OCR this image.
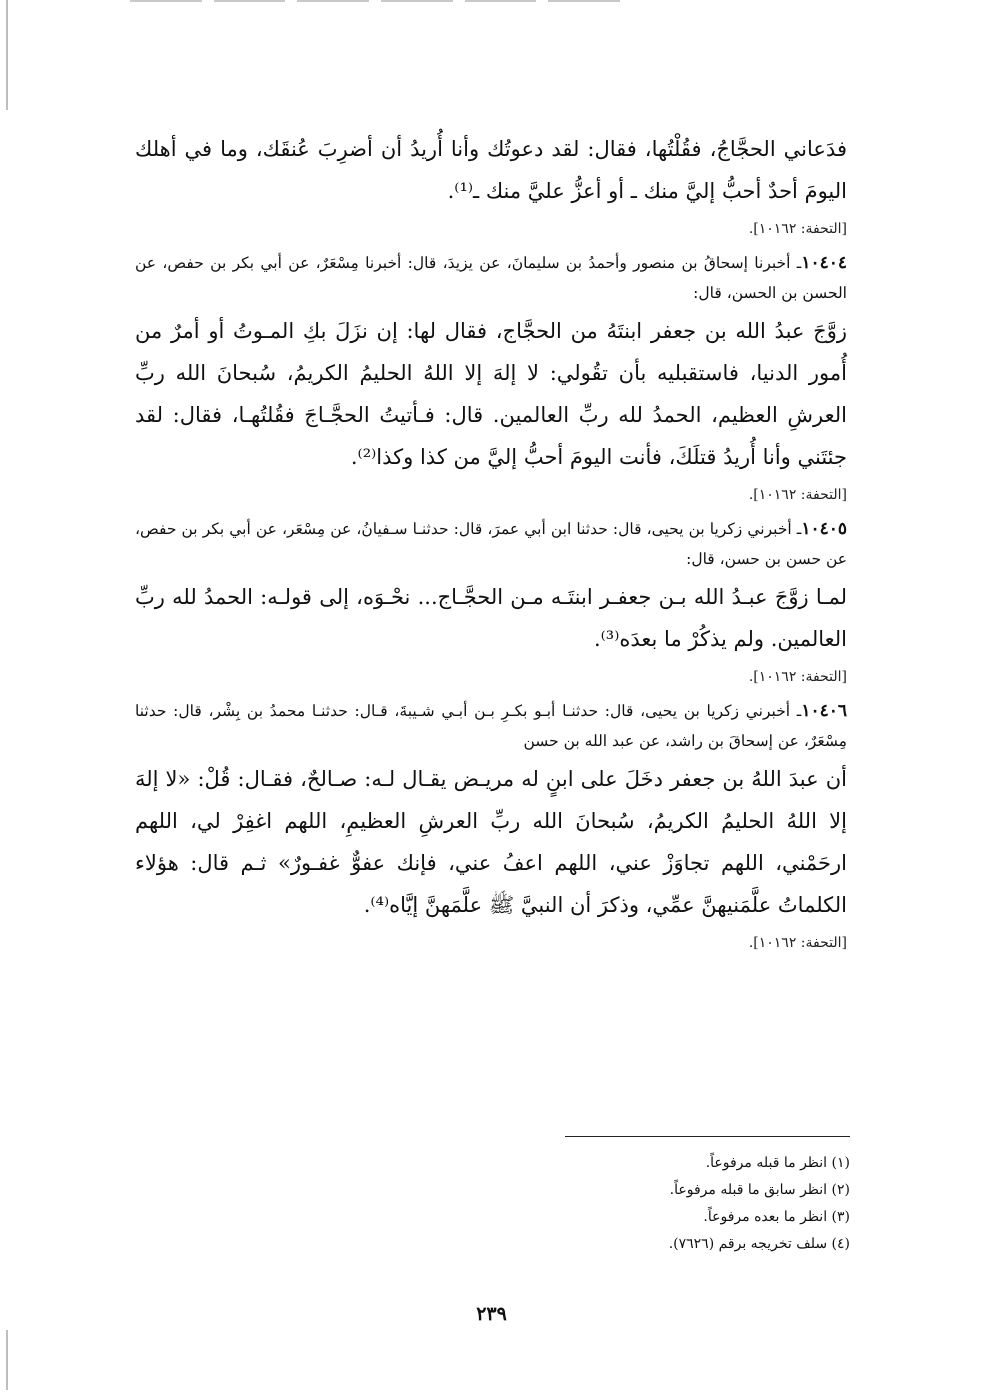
فدَعاني الحجَّاجُ، فقُلْتُها، فقال: لقد دعوتُك وأنا أُريدُ أن أضرِبَ عُنقَك، وما في أهلك اليومَ أحدٌ أحبُّ إليَّ منك ـ أو أعزُّ عليَّ منك ـ⁽¹⁾.

[التحفة: ١٠١٦٢].

١٠٤٠٤ـ أخبرنا إسحاقُ بن منصور وأحمدُ بن سليمانَ، عن يزيدَ، قال: أخبرنا مِسْعَرٌ، عن أبي بكر بن حفص، عن الحسن بن الحسن، قال:

زوَّجَ عبدُ الله بن جعفر ابنتَهُ من الحجَّاج، فقال لها: إن نزَلَ بكِ المـوتُ أو أمرٌ من أُمور الدنيا، فاستقبليه بأن تقُولي: لا إلهَ إلا اللهُ الحليمُ الكريمُ، سُبحانَ الله ربِّ العرشِ العظيم، الحمدُ لله ربِّ العالمين. قال: فـأتيتُ الحجَّـاجَ فقُلتُهـا، فقال: لقد جئتَني وأنا أُريدُ قتلَكَ، فأنت اليومَ أحبُّ إليَّ من كذا وكذا⁽²⁾.

[التحفة: ١٠١٦٢].

١٠٤٠٥ـ أخبرني زكريا بن يحيى، قال: حدثنا ابن أبي عمرَ، قال: حدثنـا سـفيانُ، عن مِسْعَر، عن أبي بكر بن حفص، عن حسن بن حسن، قال:

لمـا زوَّجَ عبـدُ الله بـن جعفـر ابنتَـه مـن الحجَّـاج... نحْـوَه، إلى قولـه: الحمدُ لله ربِّ العالمين. ولم يذكُرْ ما بعدَه⁽³⁾.

[التحفة: ١٠١٦٢].

١٠٤٠٦ـ أخبرني زكريا بن يحيى، قال: حدثنـا أبـو بكـرِ بـن أبـي شـيبةَ، قـال: حدثنـا محمدُ بن بِشْر، قال: حدثنا مِسْعَرٌ، عن إسحاقَ بن راشد، عن عبد الله بن حسن

أن عبدَ اللهُ بن جعفر دخَلَ على ابنٍ له مريـض يقـال لـه: صـالحٌ، فقـال: قُلْ: «لا إلهَ إلا اللهُ الحليمُ الكريمُ، سُبحانَ الله ربِّ العرشِ العظيمِ، اللهم اغفِرْ لي، اللهم ارحَمْني، اللهم تجاوَزْ عني، اللهم اعفُ عني، فإنك عفوٌّ غفـورٌ» ثـم قال: هؤلاء الكلماتُ علَّمَنيهنَّ عمِّي، وذكرَ أن النبيَّ ﷺ علَّمَهنَّ إيَّاه⁽⁴⁾.

[التحفة: ١٠١٦٢].

(١) انظر ما قبله مرفوعاً.

(٢) انظر سابق ما قبله مرفوعاً.

(٣) انظر ما بعده مرفوعاً.

(٤) سلف تخريجه برقم (٧٦٢٦).

٢٣٩
